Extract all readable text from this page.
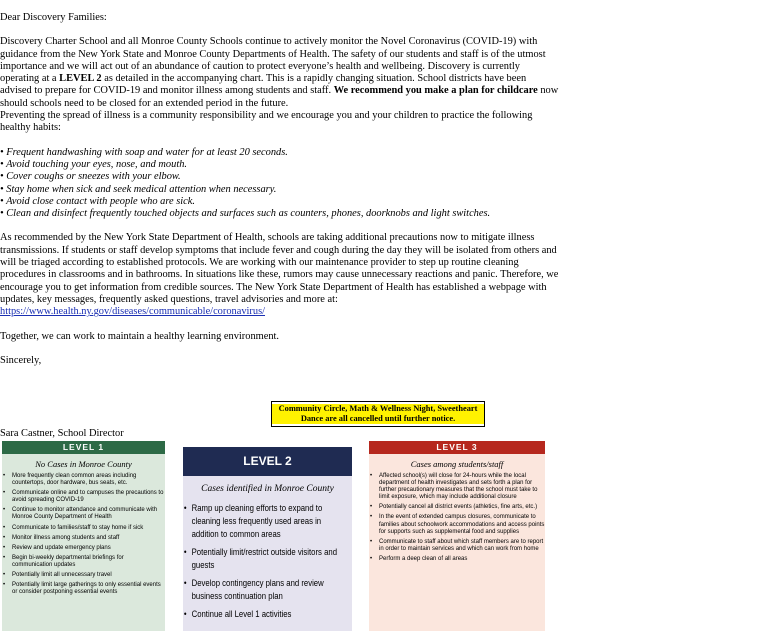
Dear Discovery Families:

Discovery Charter School and all Monroe County Schools continue to actively monitor the Novel Coronavirus (COVID-19) with guidance from the New York State and Monroe County Departments of Health. The safety of our students and staff is of the utmost importance and we will act out of an abundance of caution to protect everyone’s health and wellbeing. Discovery is currently operating at a LEVEL 2 as detailed in the accompanying chart. This is a rapidly changing situation. School districts have been advised to prepare for COVID-19 and monitor illness among students and staff. We recommend you make a plan for childcare now should schools need to be closed for an extended period in the future.

Preventing the spread of illness is a community responsibility and we encourage you and your children to practice the following healthy habits:

• Frequent handwashing with soap and water for at least 20 seconds.
• Avoid touching your eyes, nose, and mouth.
• Cover coughs or sneezes with your elbow.
• Stay home when sick and seek medical attention when necessary.
• Avoid close contact with people who are sick.
• Clean and disinfect frequently touched objects and surfaces such as counters, phones, doorknobs and light switches.

As recommended by the New York State Department of Health, schools are taking additional precautions now to mitigate illness transmissions. If students or staff develop symptoms that include fever and cough during the day they will be isolated from others and will be triaged according to established protocols. We are working with our maintenance provider to step up routine cleaning procedures in classrooms and in bathrooms. In situations like these, rumors may cause unnecessary reactions and panic. Therefore, we encourage you to get information from credible sources. The New York State Department of Health has established a webpage with updates, key messages, frequently asked questions, travel advisories and more at: https://www.health.ny.gov/diseases/communicable/coronavirus/

Together, we can work to maintain a healthy learning environment.

Sincerely,

Community Circle, Math & Wellness Night, Sweetheart Dance are all cancelled until further notice.
Sara Castner, School Director
LEVEL 1
No Cases in Monroe County
• More frequently clean common areas including countertops, door hardware, bus seats, etc.
• Communicate online and to campuses the precautions to avoid spreading COVID-19
• Continue to monitor attendance and communicate with Monroe County Department of Health
• Communicate to families/staff to stay home if sick
• Monitor illness among students and staff
• Review and update emergency plans
• Begin bi-weekly departmental briefings for communication updates
• Potentially limit all unnecessary travel
• Potentially limit large gatherings to only essential events or consider postponing essential events
LEVEL 2
Cases identified in Monroe County
• Ramp up cleaning efforts to expand to cleaning less frequently used areas in addition to common areas
• Potentially limit/restrict outside visitors and guests
• Develop contingency plans and review business continuation plan
• Continue all Level 1 activities
LEVEL 3
Cases among students/staff
• Affected school(s) will close for 24-hours while the local department of health investigates and sets forth a plan for further precautionary measures that the school must take to limit exposure, which may include additional closure
• Potentially cancel all district events (athletics, fine arts, etc.)
• In the event of extended campus closures, communicate to families about schoolwork accommodations and access points for supports such as supplemental food and supplies
• Communicate to staff about which staff members are to report in order to maintain services and which can work from home
• Perform a deep clean of all areas
